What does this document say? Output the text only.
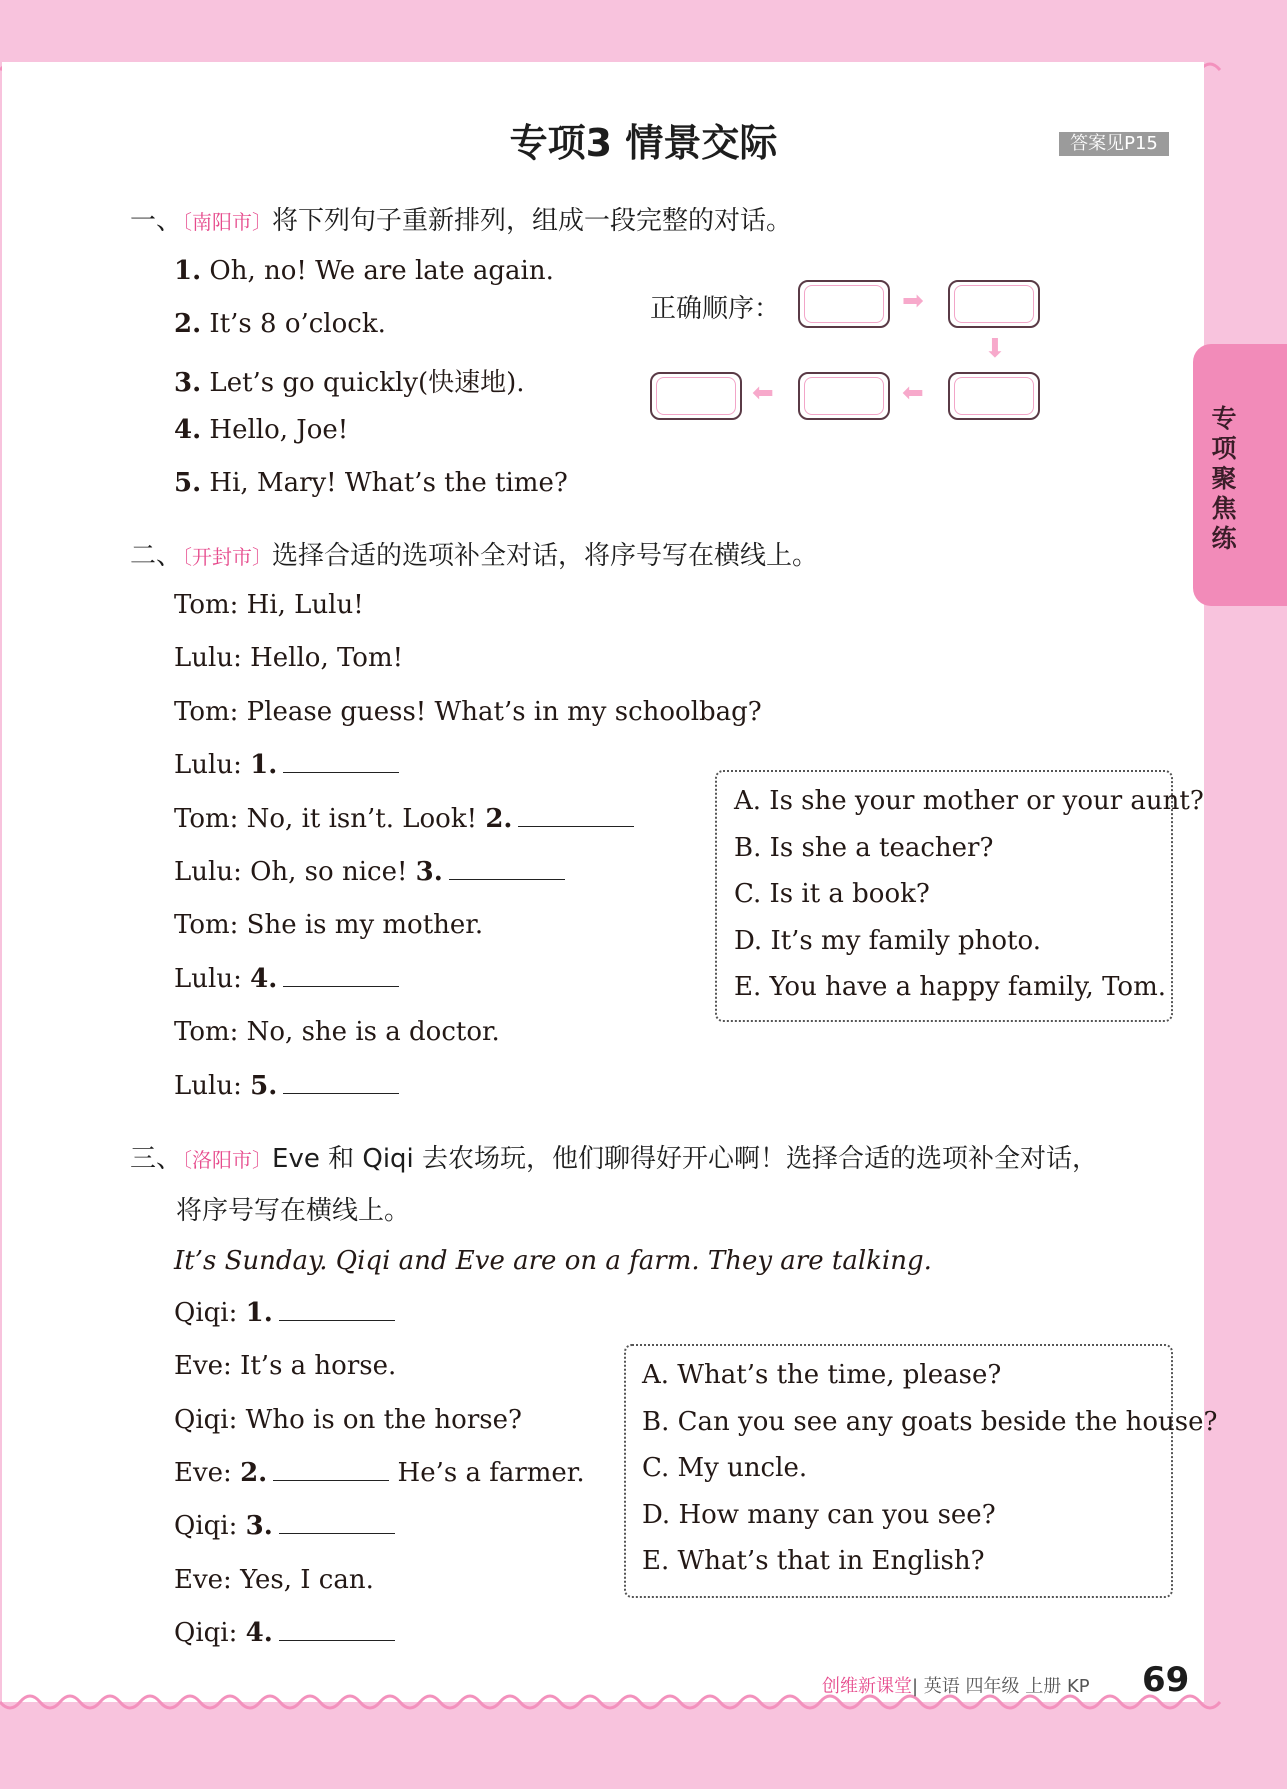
专项聚焦练
专项3 情景交际	答案见P15
一、〔南阳市〕将下列句子重新排列，组成一段完整的对话。
1. Oh, no! We are late again.
2. It’s 8 o’clock.
3. Let’s go quickly(快速地).
4. Hello, Joe!
5. Hi, Mary! What’s the time?
正确顺序：	➡
⬇
⬅
⬅
二、〔开封市〕选择合适的选项补全对话，将序号写在横线上。
Tom: Hi, Lulu!
Lulu: Hello, Tom!
Tom: Please guess! What’s in my schoolbag?
Lulu: 1.
Tom: No, it isn’t. Look! 2.
Lulu: Oh, so nice! 3.
Tom: She is my mother.
Lulu: 4.
Tom: No, she is a doctor.
Lulu: 5.
A. Is she your mother or your aunt?
B. Is she a teacher?
C. Is it a book?
D. It’s my family photo.
E. You have a happy family, Tom.
三、〔洛阳市〕Eve 和 Qiqi 去农场玩，他们聊得好开心啊！选择合适的选项补全对话，
将序号写在横线上。
It’s Sunday. Qiqi and Eve are on a farm. They are talking.
Qiqi: 1.
Eve: It’s a horse.
Qiqi: Who is on the horse?
Eve: 2.	He’s a farmer.
Qiqi: 3.
Eve: Yes, I can.
Qiqi: 4.
A. What’s the time, please?
B. Can you see any goats beside the house?
C. My uncle.
D. How many can you see?
E. What’s that in English?
创维新课堂| 英语 四年级 上册 KP 69
